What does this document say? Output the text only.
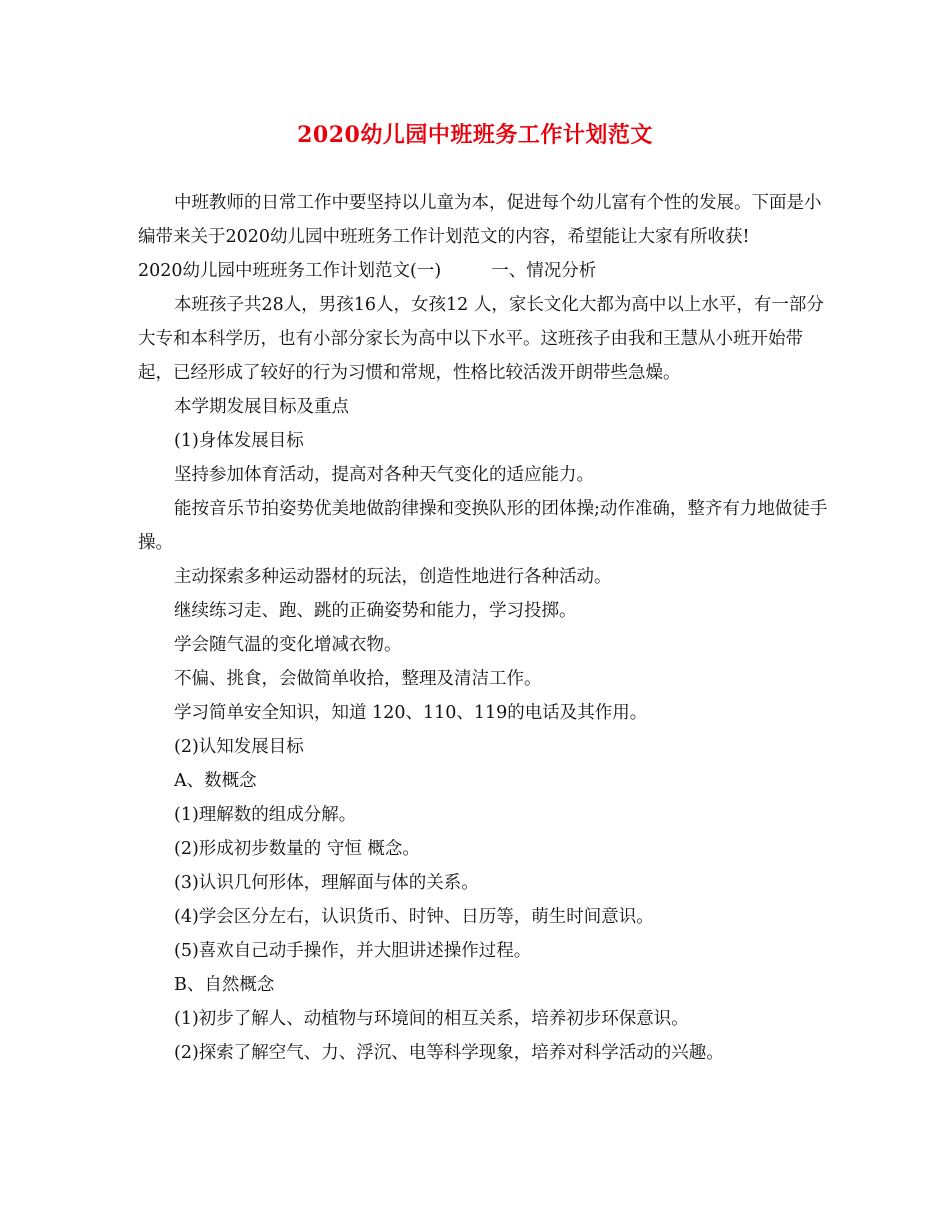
2020幼儿园中班班务工作计划范文

中班教师的日常工作中要坚持以儿童为本，促进每个幼儿富有个性的发展。下面是小编带来关于2020幼儿园中班班务工作计划范文的内容，希望能让大家有所收获!

2020幼儿园中班班务工作计划范文(一)	一、情况分析

本班孩子共28人，男孩16人，女孩12 人，家长文化大都为高中以上水平，有一部分大专和本科学历，也有小部分家长为高中以下水平。这班孩子由我和王慧从小班开始带起，已经形成了较好的行为习惯和常规，性格比较活泼开朗带些急燥。

本学期发展目标及重点

(1)身体发展目标

坚持参加体育活动，提高对各种天气变化的适应能力。

能按音乐节拍姿势优美地做韵律操和变换队形的团体操;动作准确，整齐有力地做徒手操。

主动探索多种运动器材的玩法，创造性地进行各种活动。

继续练习走、跑、跳的正确姿势和能力，学习投掷。

学会随气温的变化增减衣物。

不偏、挑食，会做简单收拾，整理及清洁工作。

学习简单安全知识，知道 120、110、119的电话及其作用。

(2)认知发展目标

A、数概念

(1)理解数的组成分解。

(2)形成初步数量的 守恒 概念。

(3)认识几何形体，理解面与体的关系。

(4)学会区分左右，认识货币、时钟、日历等，萌生时间意识。

(5)喜欢自己动手操作，并大胆讲述操作过程。

B、自然概念

(1)初步了解人、动植物与环境间的相互关系，培养初步环保意识。

(2)探索了解空气、力、浮沉、电等科学现象，培养对科学活动的兴趣。
